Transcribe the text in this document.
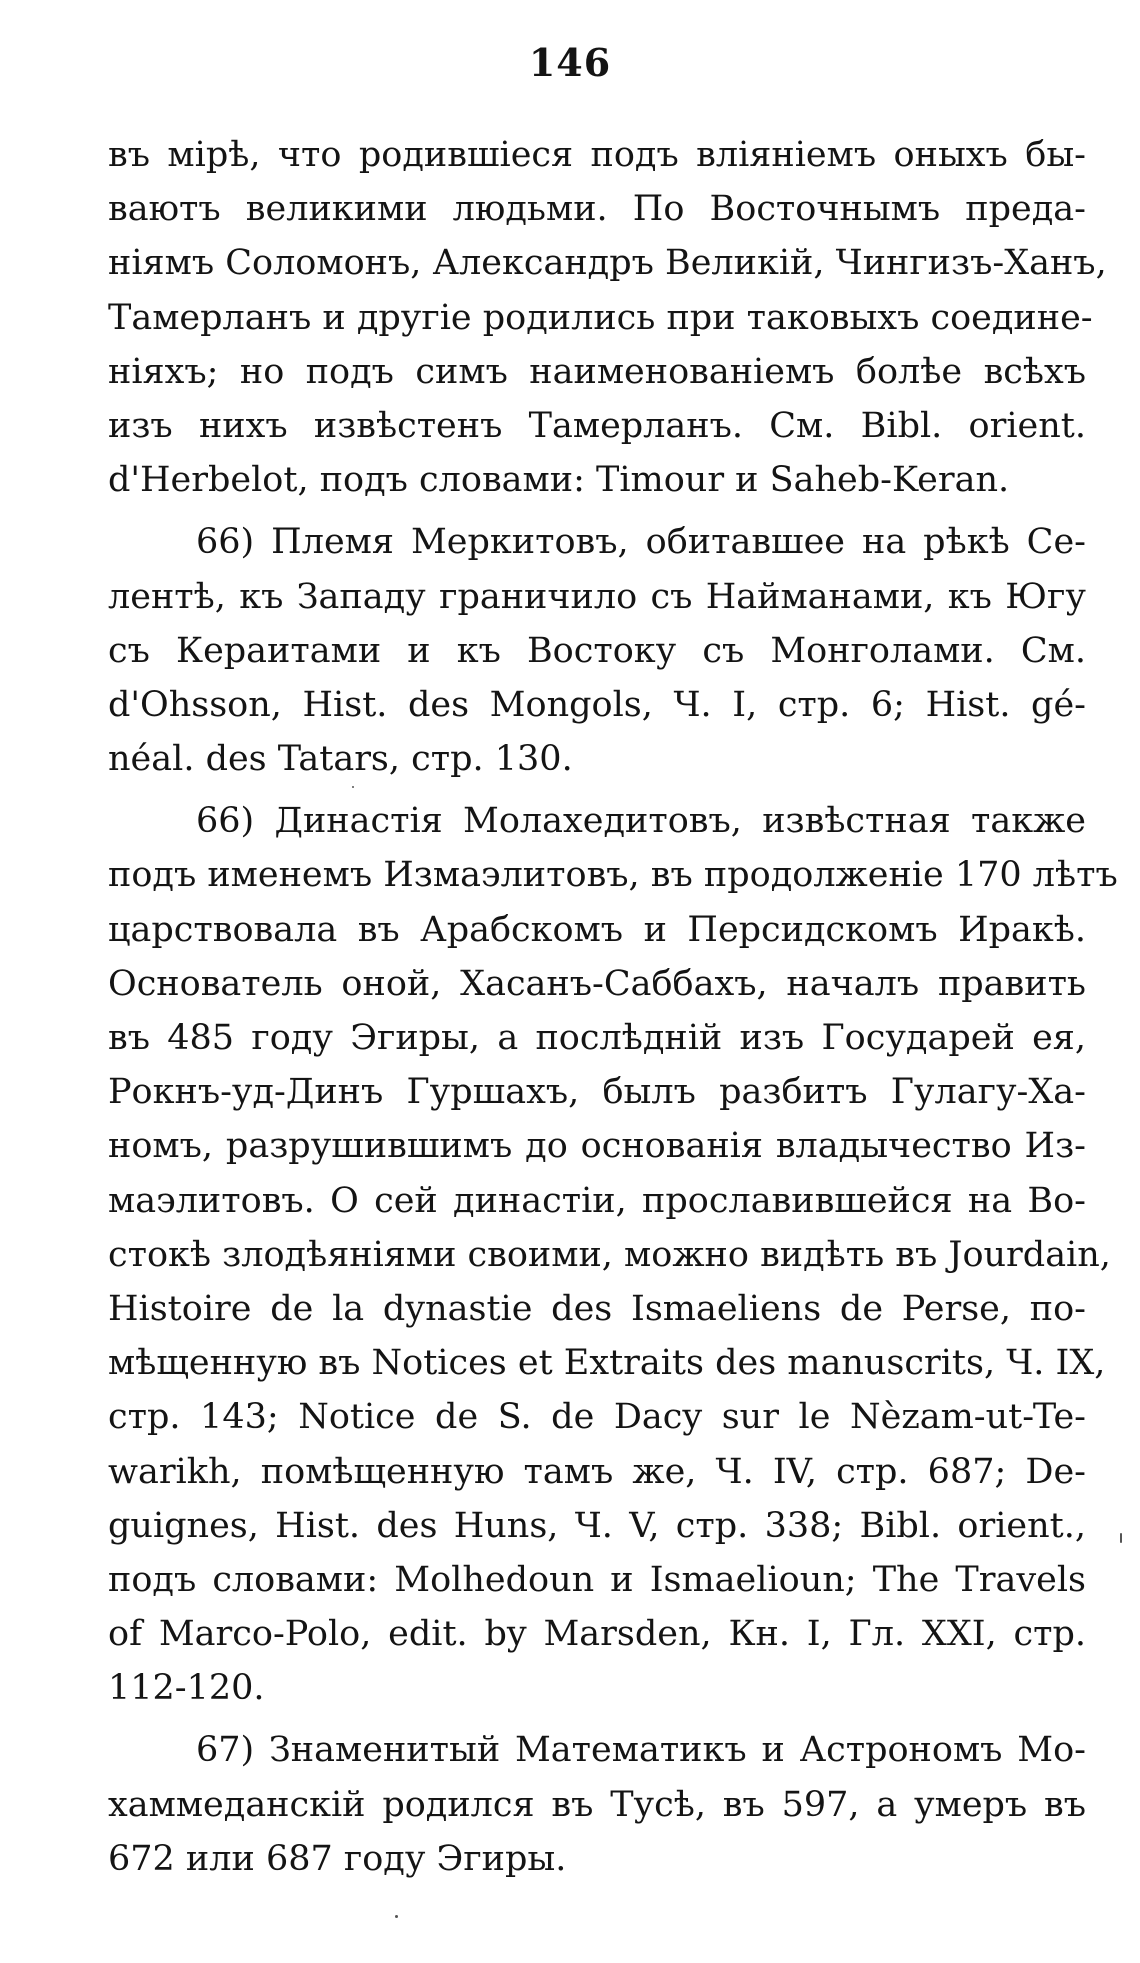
146
въ мірѣ, что родившіеся подъ вліяніемъ оныхъ бы-
ваютъ великими людьми. По Восточнымъ преда-
ніямъ Соломонъ, Александръ Великій, Чингизъ-Ханъ,
Тамерланъ и другіе родились при таковыхъ соедине-
ніяхъ; но подъ симъ наименованіемъ болѣе всѣхъ
изъ нихъ извѣстенъ Тамерланъ. См. Bibl. orient.
d'Herbelot, подъ словами: Timour и Saheb-Keran.
66) Племя Меркитовъ, обитавшее на рѣкѣ Се-
лентѣ, къ Западу граничило съ Найманами, къ Югу
съ Кераитами и къ Востоку съ Монголами. См.
d'Ohsson, Hist. des Mongols, Ч. I, стр. 6; Hist. gé-
néal. des Tatars, стр. 130.
66) Династія Молахедитовъ, извѣстная также
подъ именемъ Измаэлитовъ, въ продолженіе 170 лѣтъ
царствовала въ Арабскомъ и Персидскомъ Иракѣ.
Основатель оной, Хасанъ-Саббахъ, началъ править
въ 485 году Эгиры, а послѣдній изъ Государей ея,
Рокнъ-уд-Динъ Гуршахъ, былъ разбитъ Гулагу-Ха-
номъ, разрушившимъ до основанія владычество Из-
маэлитовъ. О сей династіи, прославившейся на Во-
стокѣ злодѣяніями своими, можно видѣть въ Jourdain,
Histoire de la dynastie des Ismaeliens de Perse, по-
мѣщенную въ Notices et Extraits des manuscrits, Ч. IX,
стр. 143; Notice de S. de Dacy sur le Nèzam-ut-Te-
warikh, помѣщенную тамъ же, Ч. IV, стр. 687; De-
guignes, Hist. des Huns, Ч. V, стр. 338; Bibl. orient.,
подъ словами: Molhedoun и Ismaelioun; The Travels
of Marco-Polo, edit. by Marsden, Кн. I, Гл. XXI, стр.
112-120.
67) Знаменитый Математикъ и Астрономъ Мо-
хаммеданскій родился въ Тусѣ, въ 597, а умеръ въ
672 или 687 году Эгиры.
